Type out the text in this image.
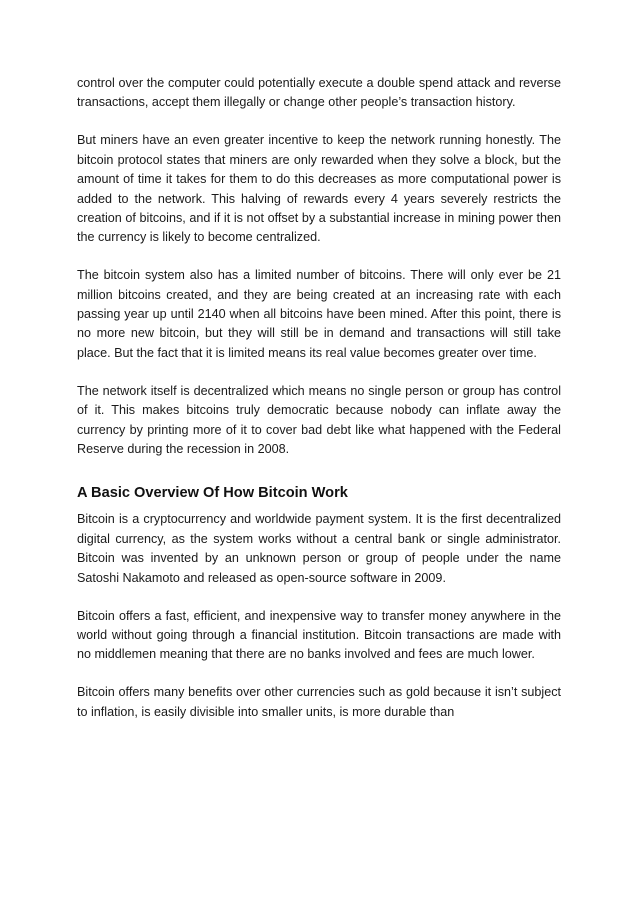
control over the computer could potentially execute a double spend attack and reverse transactions, accept them illegally or change other people’s transaction history.

But miners have an even greater incentive to keep the network running honestly. The bitcoin protocol states that miners are only rewarded when they solve a block, but the amount of time it takes for them to do this decreases as more computational power is added to the network. This halving of rewards every 4 years severely restricts the creation of bitcoins, and if it is not offset by a substantial increase in mining power then the currency is likely to become centralized.

The bitcoin system also has a limited number of bitcoins. There will only ever be 21 million bitcoins created, and they are being created at an increasing rate with each passing year up until 2140 when all bitcoins have been mined. After this point, there is no more new bitcoin, but they will still be in demand and transactions will still take place. But the fact that it is limited means its real value becomes greater over time.

The network itself is decentralized which means no single person or group has control of it. This makes bitcoins truly democratic because nobody can inflate away the currency by printing more of it to cover bad debt like what happened with the Federal Reserve during the recession in 2008.

A Basic Overview Of How Bitcoin Work

Bitcoin is a cryptocurrency and worldwide payment system. It is the first decentralized digital currency, as the system works without a central bank or single administrator. Bitcoin was invented by an unknown person or group of people under the name Satoshi Nakamoto and released as open-source software in 2009.

Bitcoin offers a fast, efficient, and inexpensive way to transfer money anywhere in the world without going through a financial institution. Bitcoin transactions are made with no middlemen meaning that there are no banks involved and fees are much lower.

Bitcoin offers many benefits over other currencies such as gold because it isn’t subject to inflation, is easily divisible into smaller units, is more durable than
